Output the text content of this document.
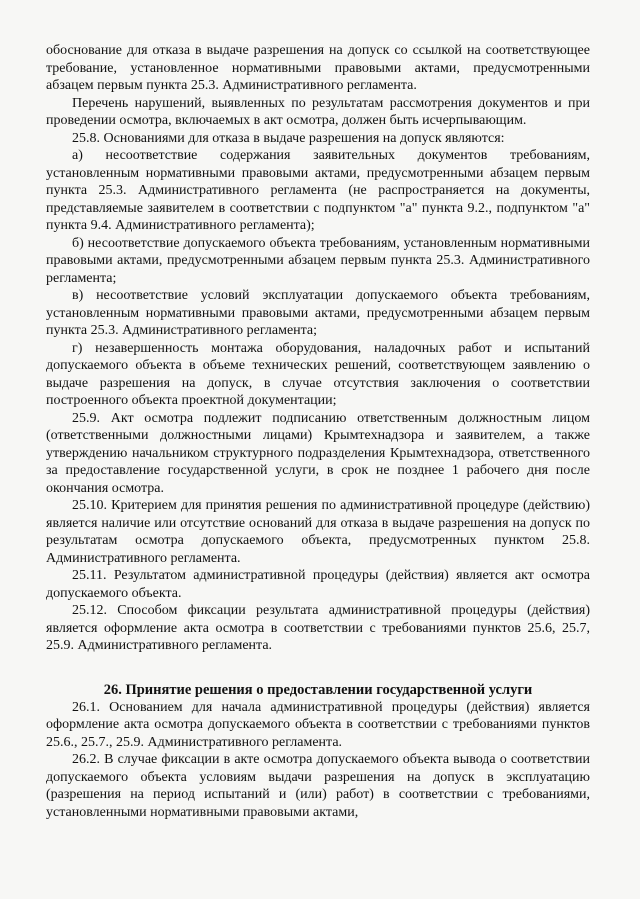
обоснование для отказа в выдаче разрешения на допуск со ссылкой на соответствующее требование, установленное нормативными правовыми актами, предусмотренными абзацем первым пункта 25.3. Административного регламента.

Перечень нарушений, выявленных по результатам рассмотрения документов и при проведении осмотра, включаемых в акт осмотра, должен быть исчерпывающим.

25.8. Основаниями для отказа в выдаче разрешения на допуск являются:

а) несоответствие содержания заявительных документов требованиям, установленным нормативными правовыми актами, предусмотренными абзацем первым пункта 25.3. Административного регламента (не распространяется на документы, представляемые заявителем в соответствии с подпунктом "а" пункта 9.2., подпунктом "а" пункта 9.4. Административного регламента);

б) несоответствие допускаемого объекта требованиям, установленным нормативными правовыми актами, предусмотренными абзацем первым пункта 25.3. Административного регламента;

в) несоответствие условий эксплуатации допускаемого объекта требованиям, установленным нормативными правовыми актами, предусмотренными абзацем первым пункта 25.3. Административного регламента;

г) незавершенность монтажа оборудования, наладочных работ и испытаний допускаемого объекта в объеме технических решений, соответствующем заявлению о выдаче разрешения на допуск, в случае отсутствия заключения о соответствии построенного объекта проектной документации;

25.9. Акт осмотра подлежит подписанию ответственным должностным лицом (ответственными должностными лицами) Крымтехнадзора и заявителем, а также утверждению начальником структурного подразделения Крымтехнадзора, ответственного за предоставление государственной услуги, в срок не позднее 1 рабочего дня после окончания осмотра.

25.10. Критерием для принятия решения по административной процедуре (действию) является наличие или отсутствие оснований для отказа в выдаче разрешения на допуск по результатам осмотра допускаемого объекта, предусмотренных пунктом 25.8. Административного регламента.

25.11. Результатом административной процедуры (действия) является акт осмотра допускаемого объекта.

25.12. Способом фиксации результата административной процедуры (действия) является оформление акта осмотра в соответствии с требованиями пунктов 25.6, 25.7, 25.9. Административного регламента.

26. Принятие решения о предоставлении государственной услуги

26.1. Основанием для начала административной процедуры (действия) является оформление акта осмотра допускаемого объекта в соответствии с требованиями пунктов 25.6., 25.7., 25.9. Административного регламента.

26.2. В случае фиксации в акте осмотра допускаемого объекта вывода о соответствии допускаемого объекта условиям выдачи разрешения на допуск в эксплуатацию (разрешения на период испытаний и (или) работ) в соответствии с требованиями, установленными нормативными правовыми актами,
